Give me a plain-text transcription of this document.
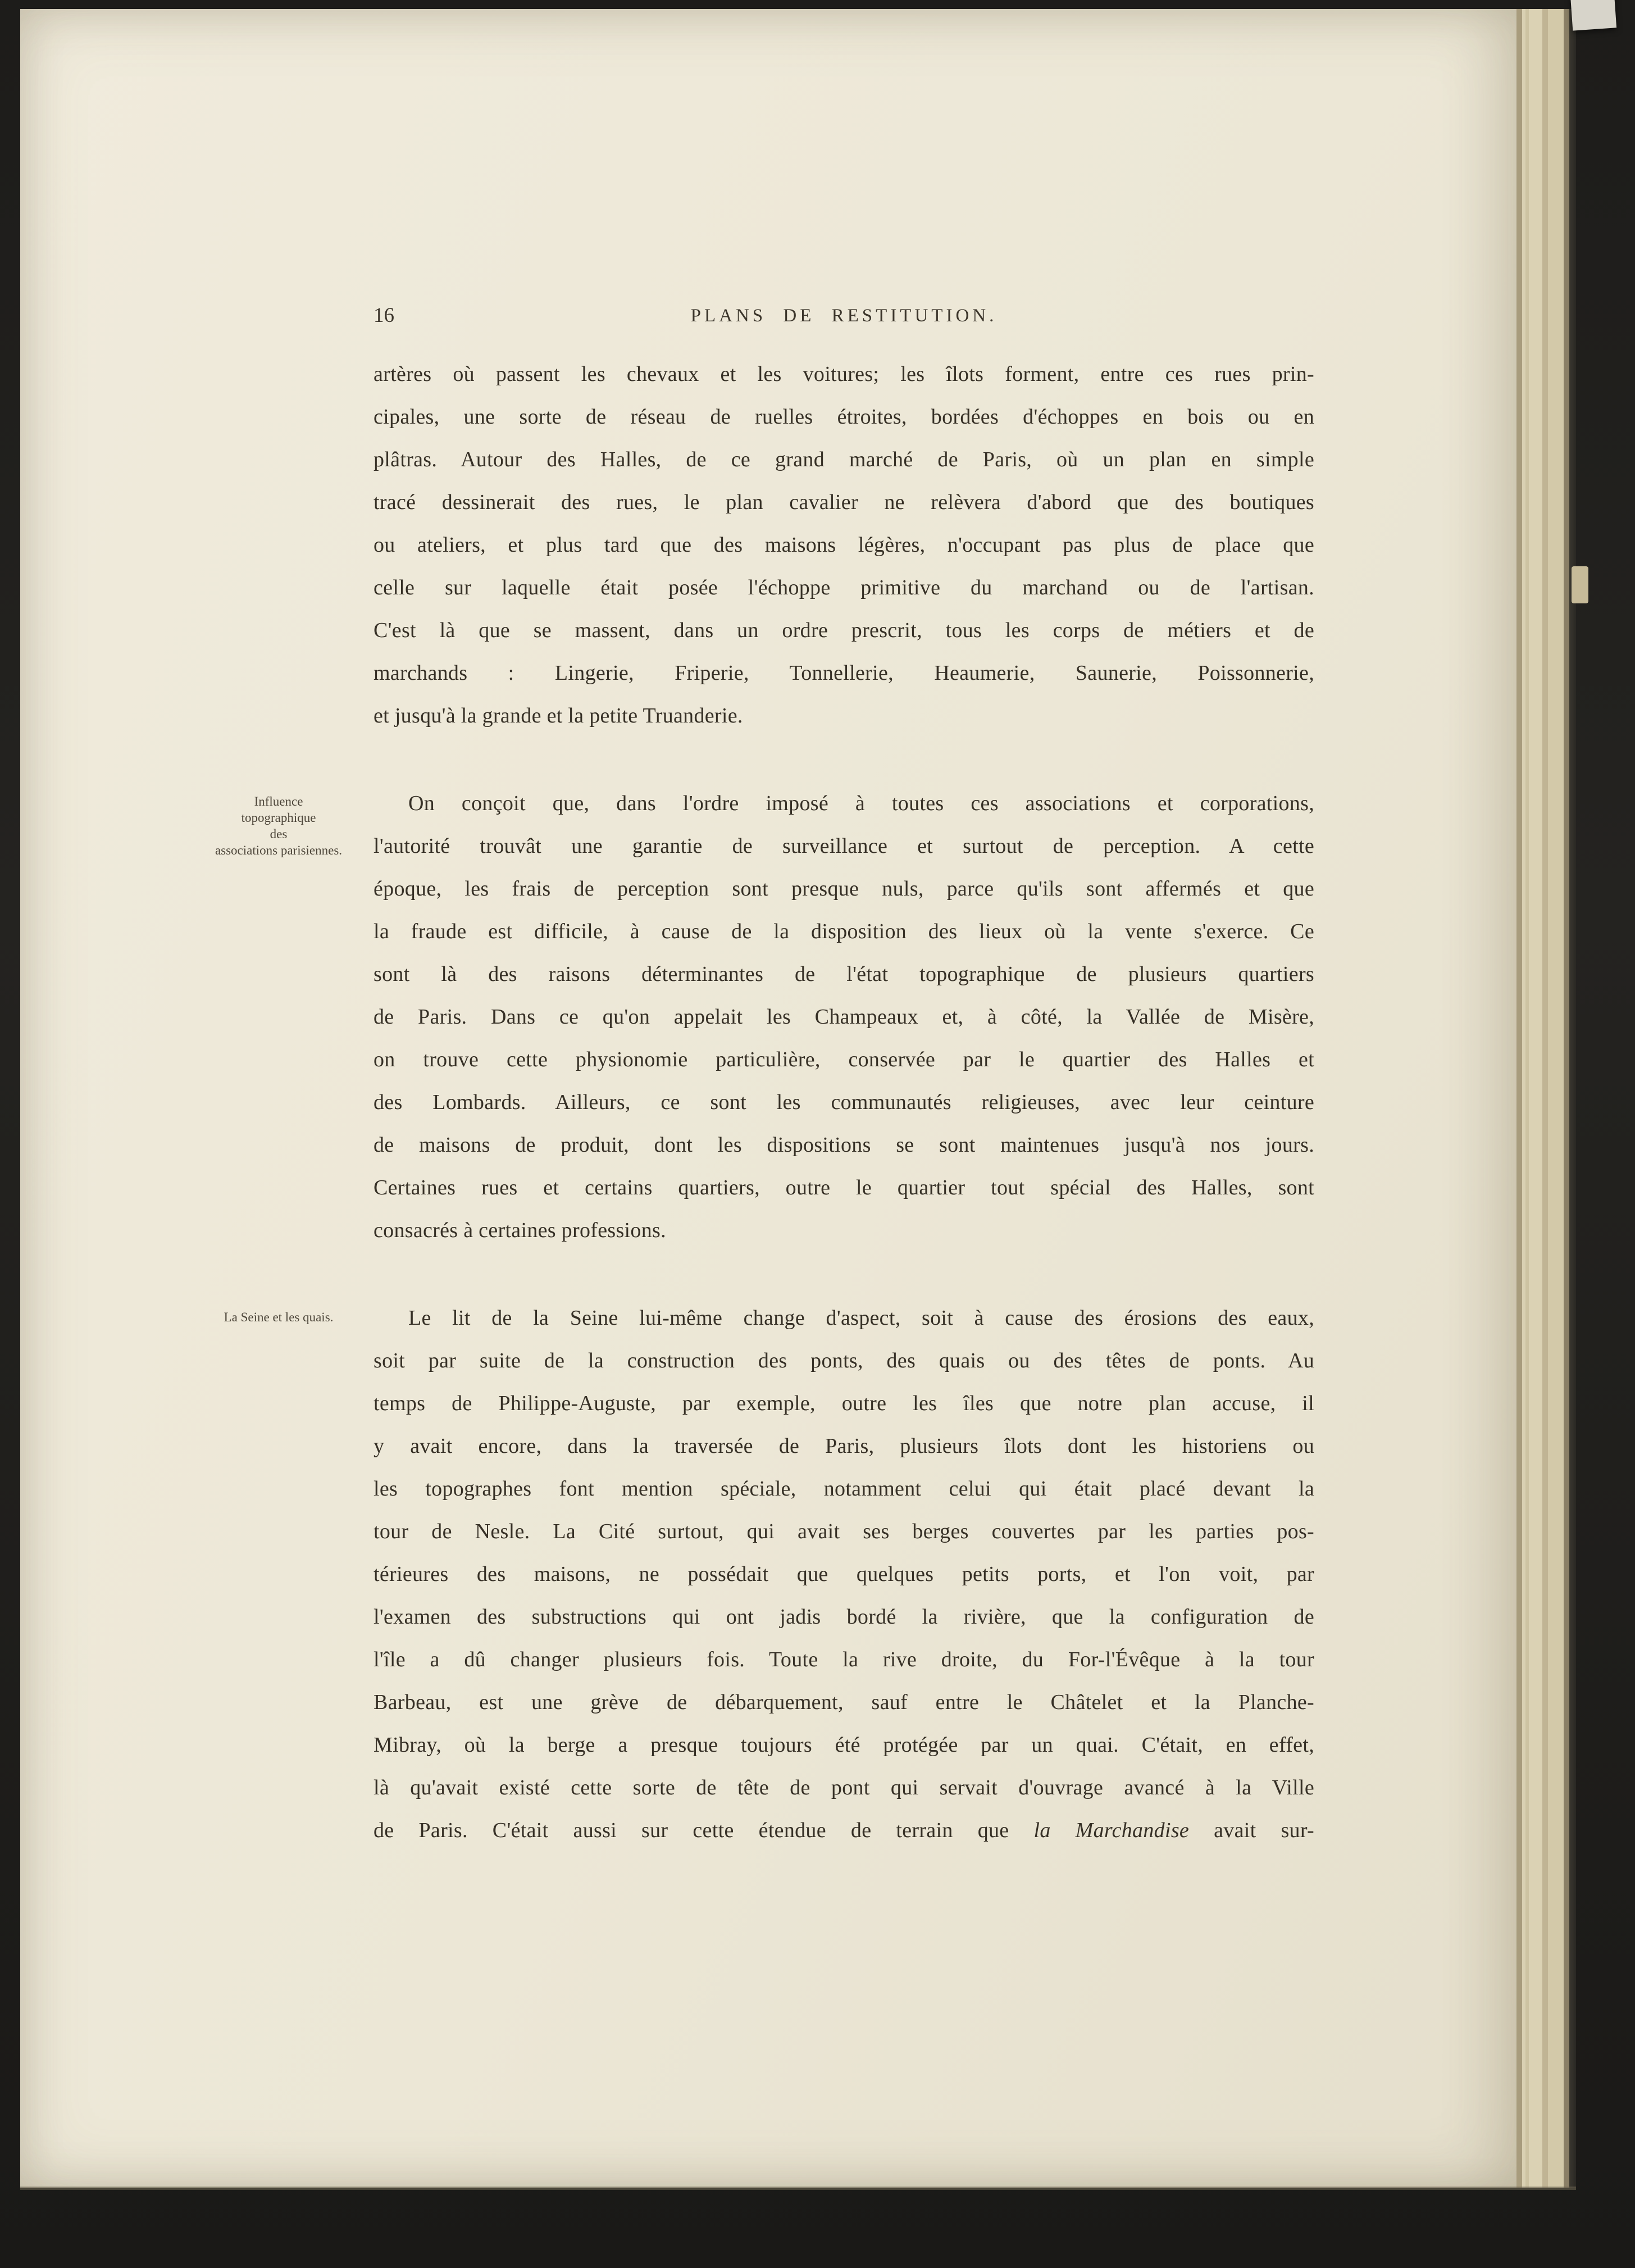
16	PLANS DE RESTITUTION.
Influence
topographique
des
associations parisiennes.
La Seine et les quais.
artères où passent les chevaux et les voitures; les îlots forment, entre ces rues prin-
cipales, une sorte de réseau de ruelles étroites, bordées d'échoppes en bois ou en
plâtras. Autour des Halles, de ce grand marché de Paris, où un plan en simple
tracé dessinerait des rues, le plan cavalier ne relèvera d'abord que des boutiques
ou ateliers, et plus tard que des maisons légères, n'occupant pas plus de place que
celle sur laquelle était posée l'échoppe primitive du marchand ou de l'artisan.
C'est là que se massent, dans un ordre prescrit, tous les corps de métiers et de
marchands : Lingerie, Friperie, Tonnellerie, Heaumerie, Saunerie, Poissonnerie,
et jusqu'à la grande et la petite Truanderie.
On conçoit que, dans l'ordre imposé à toutes ces associations et corporations,
l'autorité trouvât une garantie de surveillance et surtout de perception. A cette
époque, les frais de perception sont presque nuls, parce qu'ils sont affermés et que
la fraude est difficile, à cause de la disposition des lieux où la vente s'exerce. Ce
sont là des raisons déterminantes de l'état topographique de plusieurs quartiers
de Paris. Dans ce qu'on appelait les Champeaux et, à côté, la Vallée de Misère,
on trouve cette physionomie particulière, conservée par le quartier des Halles et
des Lombards. Ailleurs, ce sont les communautés religieuses, avec leur ceinture
de maisons de produit, dont les dispositions se sont maintenues jusqu'à nos jours.
Certaines rues et certains quartiers, outre le quartier tout spécial des Halles, sont
consacrés à certaines professions.
Le lit de la Seine lui-même change d'aspect, soit à cause des érosions des eaux,
soit par suite de la construction des ponts, des quais ou des têtes de ponts. Au
temps de Philippe-Auguste, par exemple, outre les îles que notre plan accuse, il
y avait encore, dans la traversée de Paris, plusieurs îlots dont les historiens ou
les topographes font mention spéciale, notamment celui qui était placé devant la
tour de Nesle. La Cité surtout, qui avait ses berges couvertes par les parties pos-
térieures des maisons, ne possédait que quelques petits ports, et l'on voit, par
l'examen des substructions qui ont jadis bordé la rivière, que la configuration de
l'île a dû changer plusieurs fois. Toute la rive droite, du For-l'Évêque à la tour
Barbeau, est une grève de débarquement, sauf entre le Châtelet et la Planche-
Mibray, où la berge a presque toujours été protégée par un quai. C'était, en effet,
là qu'avait existé cette sorte de tête de pont qui servait d'ouvrage avancé à la Ville
de Paris. C'était aussi sur cette étendue de terrain que la Marchandise avait sur-
